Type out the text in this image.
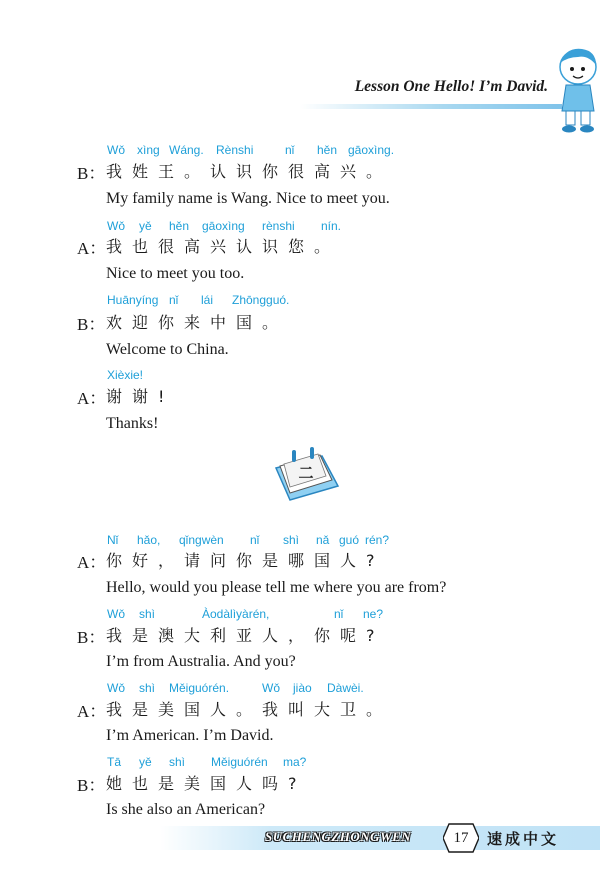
Lesson One Hello! I’m David.
Wǒ xìng Wáng. Rènshi	nǐ hěn gāoxìng.
B： 我姓王。认识你很高兴。
My family name is Wang. Nice to meet you.
Wǒ yě hěn gāoxìng rènshi nín.
A： 我也很高兴认识您。
Nice to meet you too.
Huānyíng nǐ lái Zhōngguó.
B： 欢迎你来中国。
Welcome to China.
Xièxie!
A： 谢谢!
Thanks!
二
Nǐ hǎo, qǐngwèn nǐ shì nǎ guó rén?
A： 你好，请问你是哪国人?
Hello, would you please tell me where you are from?
Wǒ shì	Àodàlìyàrén,	nǐ ne?
B： 我是澳大利亚人，你呢?
I’m from Australia. And you?
Wǒ shì Měiguórén.	Wǒ jiào Dàwèi.
A： 我是美国人。我叫大卫。
I’m American. I’m David.
Tā yě shì Měiguórén ma?
B： 她也是美国人吗?
Is she also an American?
SUCHENGZHONGWEN	17	速成中文
